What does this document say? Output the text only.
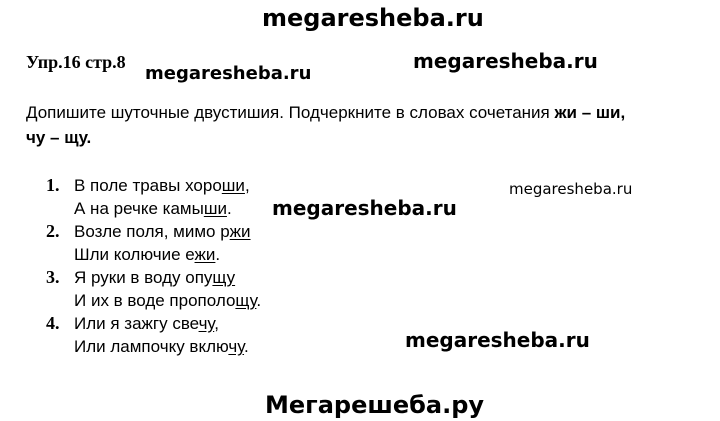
megaresheba.ru
megaresheba.ru
megaresheba.ru
megaresheba.ru
megaresheba.ru
megaresheba.ru
Мегарешеба.ру
Упр.16 стр.8
Допишите шуточные двустишия. Подчеркните в словах сочетания жи – ши,
чу – щу.
1. В поле травы хороши,
А на речке камыши.
2. Возле поля, мимо ржи
Шли колючие ежи.
3. Я руки в воду опущу
И их в воде прополощу.
4. Или я зажгу свечу,
Или лампочку включу.
